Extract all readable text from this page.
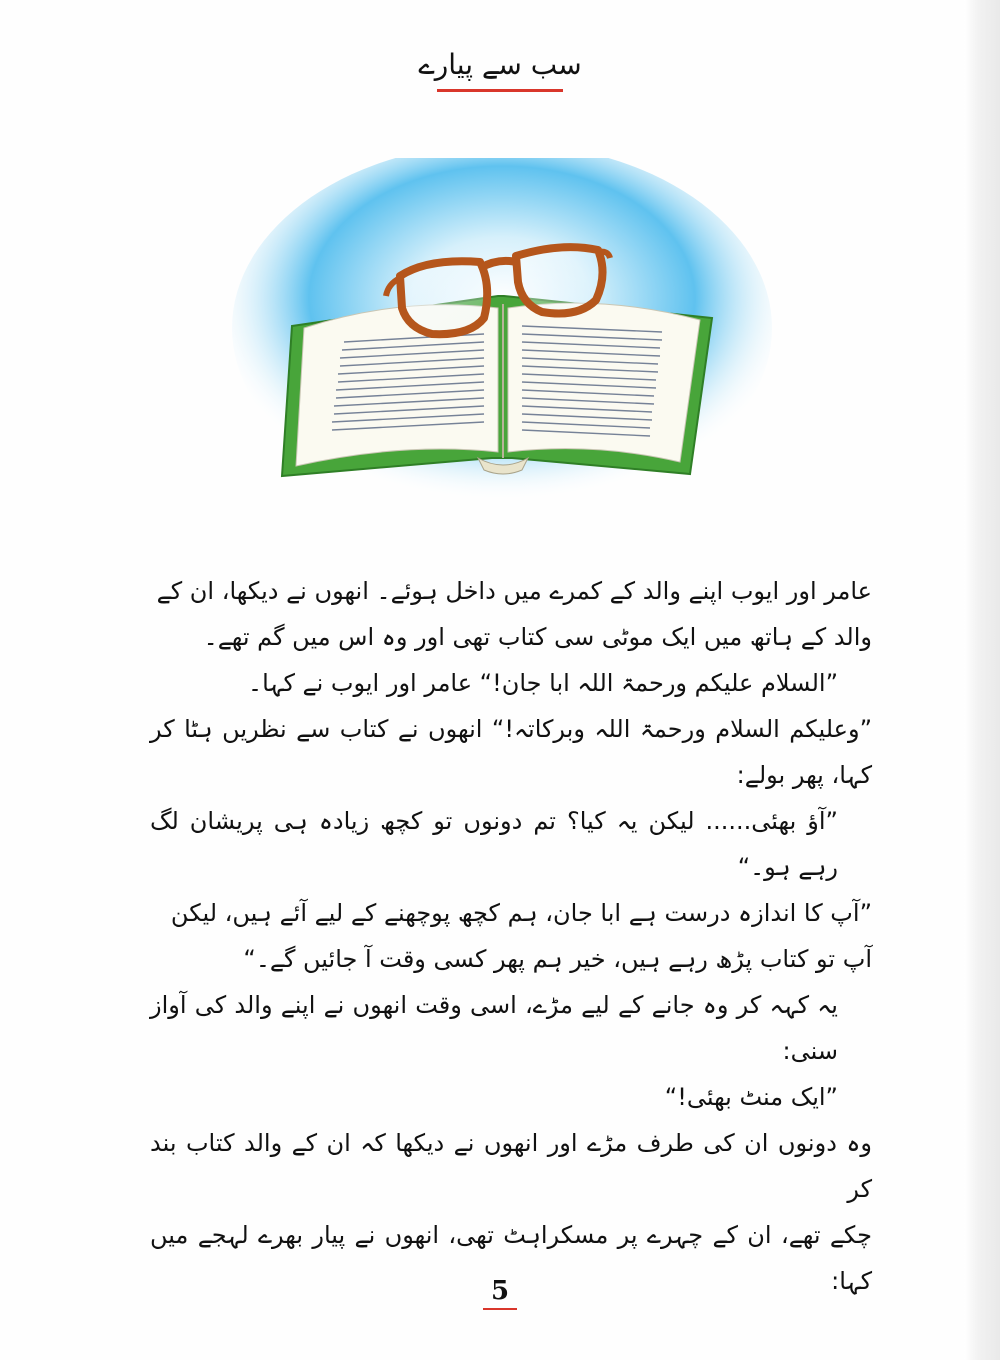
سب سے پیارے

عامر اور ایوب اپنے والد کے کمرے میں داخل ہوئے۔ انھوں نے دیکھا، ان کے
والد کے ہاتھ میں ایک موٹی سی کتاب تھی اور وہ اس میں گم تھے۔

”السلام علیکم ورحمۃ اللہ ابا جان!“ عامر اور ایوب نے کہا۔

”وعلیکم السلام ورحمۃ اللہ وبرکاتہ!“ انھوں نے کتاب سے نظریں ہٹا کر کہا، پھر بولے:

”آؤ بھئی...... لیکن یہ کیا؟ تم دونوں تو کچھ زیادہ ہی پریشان لگ رہے ہو۔“

”آپ کا اندازہ درست ہے ابا جان، ہم کچھ پوچھنے کے لیے آئے ہیں، لیکن
آپ تو کتاب پڑھ رہے ہیں، خیر ہم پھر کسی وقت آ جائیں گے۔“

یہ کہہ کر وہ جانے کے لیے مڑے، اسی وقت انھوں نے اپنے والد کی آواز سنی:
”ایک منٹ بھئی!“

وہ دونوں ان کی طرف مڑے اور انھوں نے دیکھا کہ ان کے والد کتاب بند کر
چکے تھے، ان کے چہرے پر مسکراہٹ تھی، انھوں نے پیار بھرے لہجے میں کہا:

5
